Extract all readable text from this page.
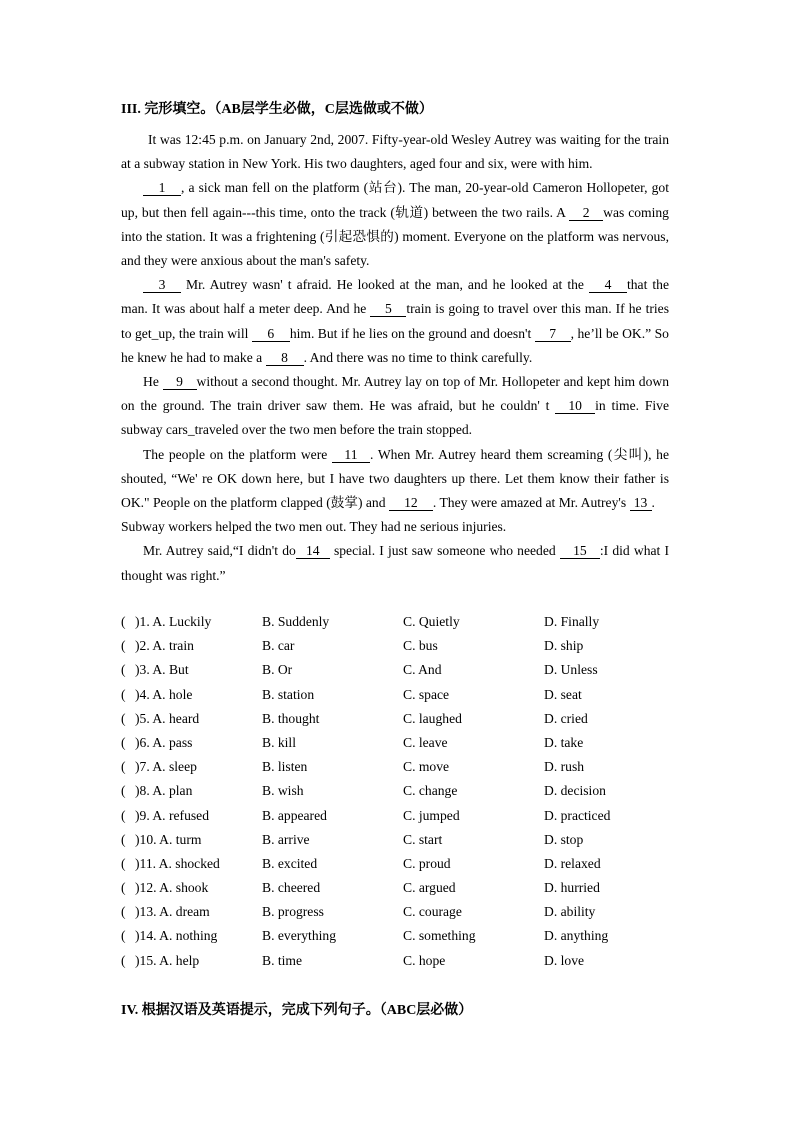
III. 完形填空。（AB层学生必做，C层选做或不做）

It was 12:45 p.m. on January 2nd, 2007. Fifty-year-old Wesley Autrey was waiting for the train at a subway station in New York. His two daughters, aged four and six, were with him.

1 , a sick man fell on the platform (站台). The man, 20-year-old Cameron Hollopeter, got up, but then fell again---this time, onto the track (轨道) between the two rails. A 2 was coming into the station. It was a frightening (引起恐惧的) moment. Everyone on the platform was nervous, and they were anxious about the man's safety.

3 Mr. Autrey wasn' t afraid. He looked at the man, and he looked at the 4 that the man. It was about half a meter deep. And he 5 train is going to travel over this man. If he tries to get_up, the train will 6 him. But if he lies on the ground and doesn't 7 , he’ll be OK.” So he knew he had to make a 8 . And there was no time to think carefully.

He 9 without a second thought. Mr. Autrey lay on top of Mr. Hollopeter and kept him down on the ground. The train driver saw them. He was afraid, but he couldn' t 10 in time. Five subway cars_traveled over the two men before the train stopped.

The people on the platform were 11 . When Mr. Autrey heard them screaming (尖叫), he shouted, “We' re OK down here, but I have two daughters up there. Let them know their father is OK." People on the platform clapped (鼓掌) and 12 . They were amazed at Mr. Autrey's 13 .

Subway workers helped the two men out. They had ne serious injuries.

Mr. Autrey said,“I didn't do 14 special. I just saw someone who needed 15 :I did what I thought was right.”

( )1. A. Luckily	B. Suddenly	C. Quietly	D. Finally
( )2. A. train	B. car	C. bus	D. ship
( )3. A. But	B. Or	C. And	D. Unless
( )4. A. hole	B. station	C. space	D. seat
( )5. A. heard	B. thought	C. laughed	D. cried
( )6. A. pass	B. kill	C. leave	D. take
( )7. A. sleep	B. listen	C. move	D. rush
( )8. A. plan	B. wish	C. change	D. decision
( )9. A. refused	B. appeared	C. jumped	D. practiced
( )10. A. turm	B. arrive	C. start	D. stop
( )11. A. shocked	B. excited	C. proud	D. relaxed
( )12. A. shook	B. cheered	C. argued	D. hurried
( )13. A. dream	B. progress	C. courage	D. ability
( )14. A. nothing	B. everything	C. something	D. anything
( )15. A. help	B. time	C. hope	D. love
IV. 根据汉语及英语提示，完成下列句子。（ABC层必做）
